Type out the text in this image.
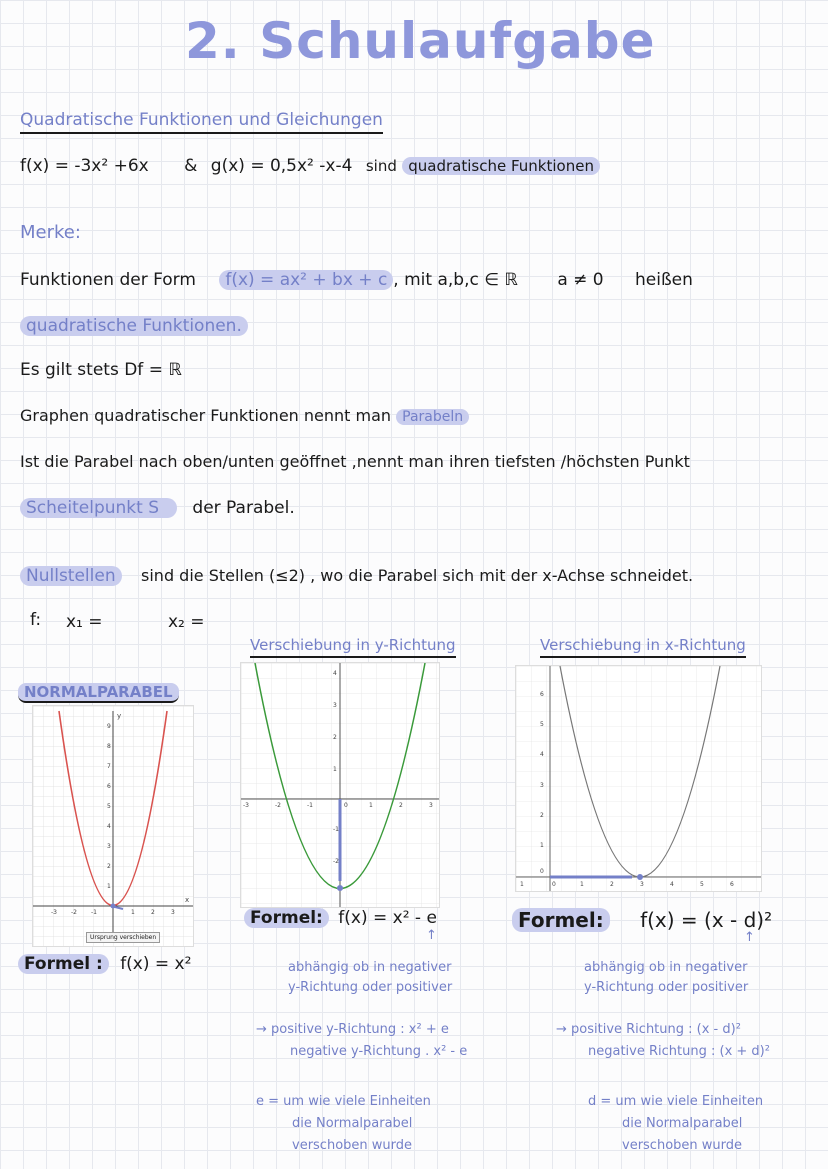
2. Schulaufgabe
Quadratische Funktionen und Gleichungen
f(x) = -3x² +6x & g(x) = 0,5x² -x-4 sind quadratische Funktionen
Merke:
Funktionen der Form f(x) = ax² + bx + c , mit a,b,c ∈ ℝ a ≠ 0 heißen
quadratische Funktionen.
Es gilt stets Df = ℝ
Graphen quadratischer Funktionen nennt man Parabeln
Ist die Parabel nach oben/unten geöffnet ,nennt man ihren tiefsten /höchsten Punkt
Scheitelpunkt S der Parabel.
Nullstellen sind die Stellen (≤2) , wo die Parabel sich mit der x-Achse schneidet.
f: x₁ =	x₂ =
NORMALPARABEL
y
x
9
8
7
6
5
4
3
2
1
-3 -2 -1	1	2	3
Ursprung verschieben
Formel : f(x) = x²
Verschiebung in y-Richtung
4
3
2
1
-1
-2
-3	-2	-1	0	1	2	3
Formel: f(x) = x² - e
↑
abhängig ob in negativer
y-Richtung oder positiver
→ positive y-Richtung : x² + e
negative y-Richtung . x² - e
e = um wie viele Einheiten
die Normalparabel
verschoben wurde
Verschiebung in x-Richtung
6
5
4
3
2
1
0
1	0	1	2	3	4	5	6
Formel: f(x) = (x - d)²
↑
abhängig ob in negativer
y-Richtung oder positiver
→ positive Richtung : (x - d)²
negative Richtung : (x + d)²
d = um wie viele Einheiten
die Normalparabel
verschoben wurde
